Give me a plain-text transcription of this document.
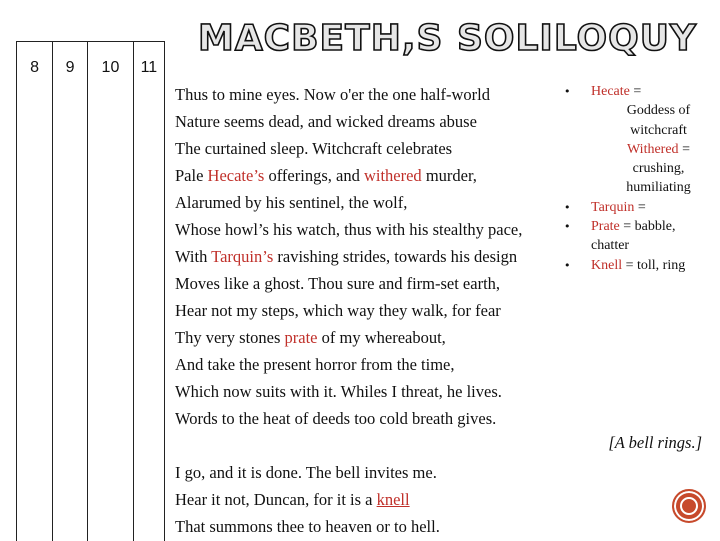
8 9 10 11
MACBETH,S SOLILOQUY
Thus to mine eyes. Now o'er the one half-world
Nature seems dead, and wicked dreams abuse
The curtained sleep. Witchcraft celebrates
Pale Hecate’s offerings, and withered murder,
Alarumed by his sentinel, the wolf,
Whose howl’s his watch, thus with his stealthy pace,
With Tarquin’s ravishing strides, towards his design
Moves like a ghost. Thou sure and firm-set earth,
Hear not my steps, which way they walk, for fear
Thy very stones prate of my whereabout,
And take the present horror from the time,
Which now suits with it. Whiles I threat, he lives.
Words to the heat of deeds too cold breath gives.
[A bell rings.]
I go, and it is done. The bell invites me.
Hear it not, Duncan, for it is a knell
That summons thee to heaven or to hell.
• Hecate =
Goddess of
witchcraft
Withered =
crushing,
humiliating
• Tarquin =
• Prate = babble,
chatter
• Knell = toll, ring
